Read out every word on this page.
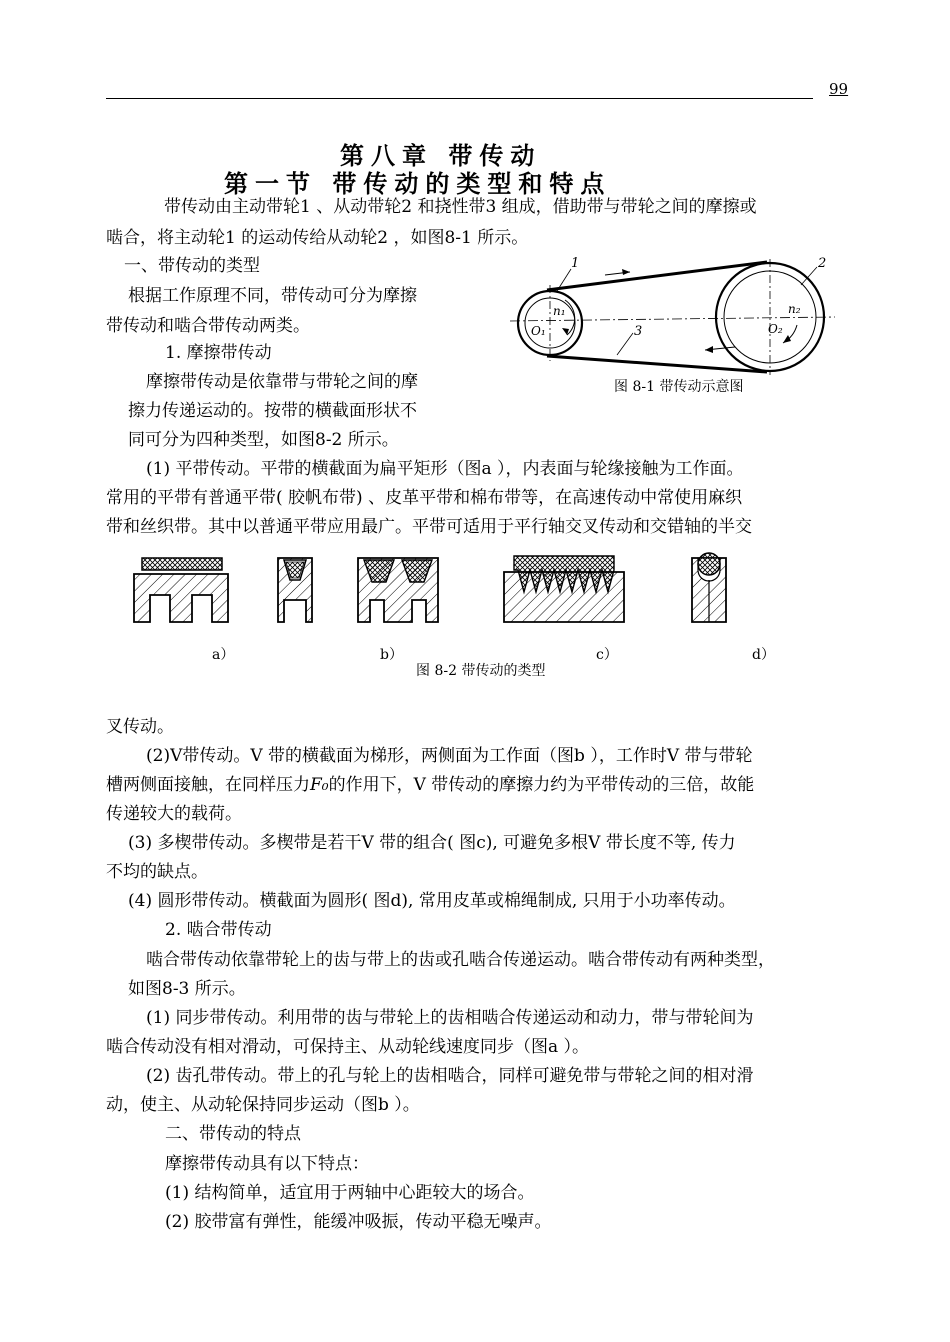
99
第八章 带传动
第一节 带传动的类型和特点
带传动由主动带轮1 、从动带轮2 和挠性带3 组成，借助带与带轮之间的摩擦或
啮合，将主动轮1 的运动传给从动轮2 ，如图8-1 所示。
一、带传动的类型
根据工作原理不同，带传动可分为摩擦
带传动和啮合带传动两类。
1. 摩擦带传动
摩擦带传动是依靠带与带轮之间的摩
擦力传递运动的。按带的横截面形状不
同可分为四种类型，如图8-2 所示。
1	2
3
n₁
O₁
n₂
O₂
图 8-1 带传动示意图
(1) 平带传动。平带的横截面为扁平矩形（图a ），内表面与轮缘接触为工作面。
常用的平带有普通平带( 胶帆布带) 、皮革平带和棉布带等，在高速传动中常使用麻织
带和丝织带。其中以普通平带应用最广。平带可适用于平行轴交叉传动和交错轴的半交
a）	b）	c）	d）
图 8-2 带传动的类型
叉传动。
(2)V带传动。V 带的横截面为梯形，两侧面为工作面（图b ），工作时V 带与带轮
槽两侧面接触，在同样压力F₀的作用下，V 带传动的摩擦力约为平带传动的三倍，故能
传递较大的载荷。
(3) 多楔带传动。多楔带是若干V 带的组合( 图c), 可避免多根V 带长度不等, 传力
不均的缺点。
(4) 圆形带传动。横截面为圆形( 图d), 常用皮革或棉绳制成, 只用于小功率传动。
2. 啮合带传动
啮合带传动依靠带轮上的齿与带上的齿或孔啮合传递运动。啮合带传动有两种类型，
如图8-3 所示。
(1) 同步带传动。利用带的齿与带轮上的齿相啮合传递运动和动力，带与带轮间为
啮合传动没有相对滑动，可保持主、从动轮线速度同步（图a ）。
(2) 齿孔带传动。带上的孔与轮上的齿相啮合，同样可避免带与带轮之间的相对滑
动，使主、从动轮保持同步运动（图b ）。
二、带传动的特点
摩擦带传动具有以下特点：
(1) 结构简单，适宜用于两轴中心距较大的场合。
(2) 胶带富有弹性，能缓冲吸振，传动平稳无噪声。
